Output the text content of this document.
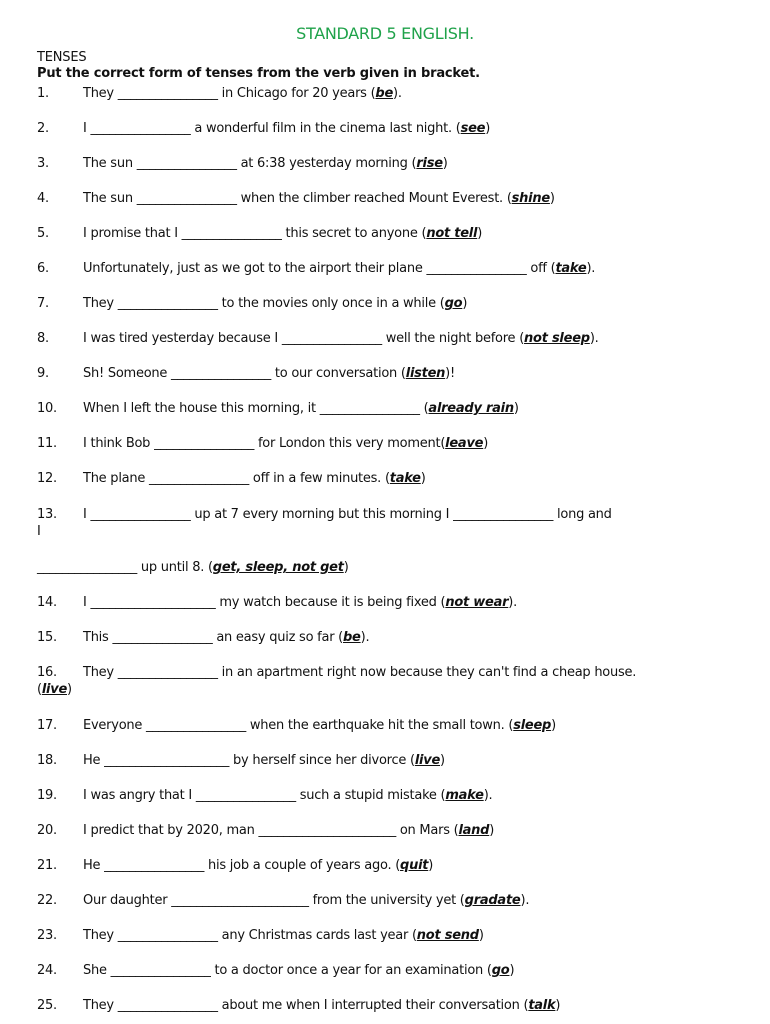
STANDARD 5 ENGLISH.
TENSES
Put the correct form of tenses from the verb given in bracket.
1.	They ________________ in Chicago for 20 years (be).
2.	I ________________ a wonderful film in the cinema last night. (see)
3.	The sun ________________ at 6:38 yesterday morning (rise)
4.	The sun ________________ when the climber reached Mount Everest. (shine)
5.	I promise that I ________________ this secret to anyone (not tell)
6.	Unfortunately, just as we got to the airport their plane ________________ off (take).
7.	They ________________ to the movies only once in a while (go)
8.	I was tired yesterday because I ________________ well the night before (not sleep).
9.	Sh! Someone ________________ to our conversation (listen)!
10. When I left the house this morning, it ________________ (already rain)
11. I think Bob ________________ for London this very moment(leave)
12. The plane ________________ off in a few minutes. (take)
13. I ________________ up at 7 every morning but this morning I ________________ long and
I
________________ up until 8. (get, sleep, not get)
14. I ____________________ my watch because it is being fixed (not wear).
15. This ________________ an easy quiz so far (be).
16. They ________________ in an apartment right now because they can't find a cheap house.
(live)
17. Everyone ________________ when the earthquake hit the small town. (sleep)
18. He ____________________ by herself since her divorce (live)
19. I was angry that I ________________ such a stupid mistake (make).
20. I predict that by 2020, man ______________________ on Mars (land)
21. He ________________ his job a couple of years ago. (quit)
22. Our daughter ______________________ from the university yet (gradate).
23. They ________________ any Christmas cards last year (not send)
24. She ________________ to a doctor once a year for an examination (go)
25. They ________________ about me when I interrupted their conversation (talk)
